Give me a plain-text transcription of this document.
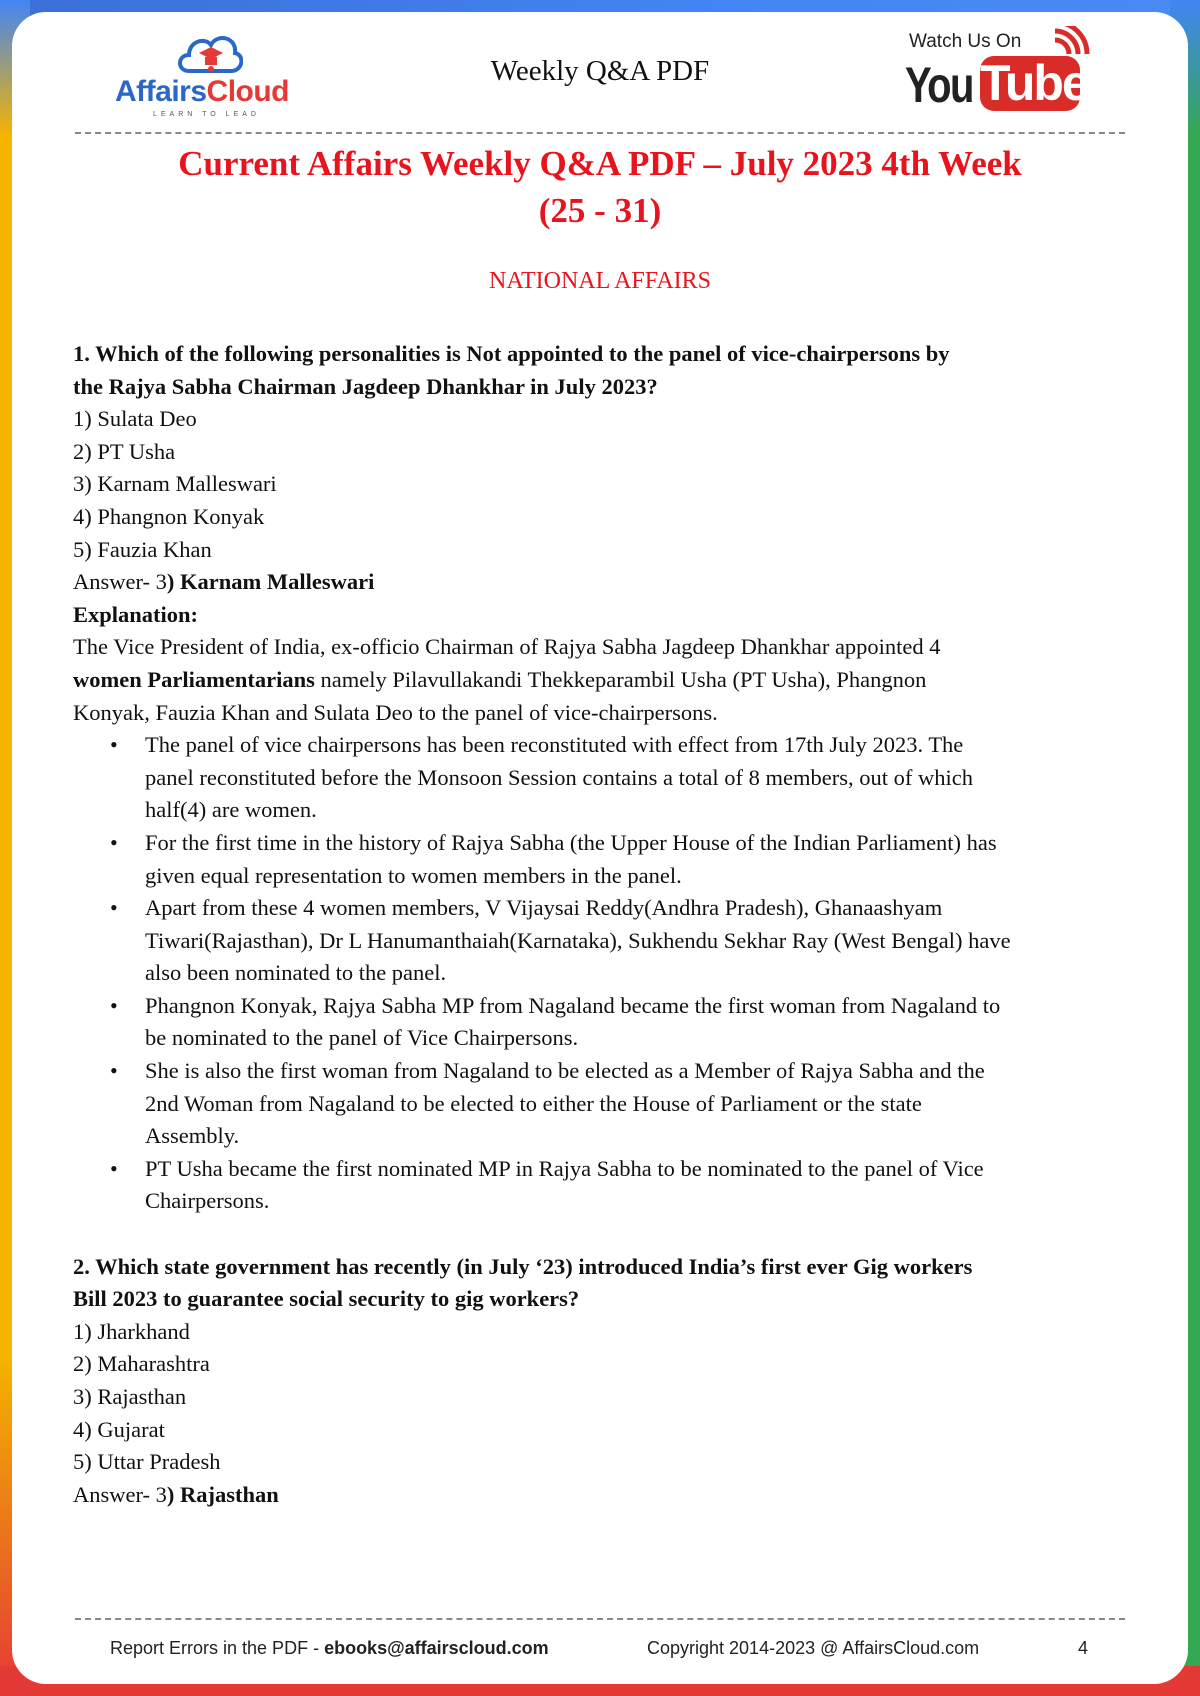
AffairsCloud
LEARN TO LEAD
Weekly Q&A PDF
Watch Us On
You Tube
Current Affairs Weekly Q&A PDF – July 2023 4th Week
(25 - 31)
NATIONAL AFFAIRS

1. Which of the following personalities is Not appointed to the panel of vice-chairpersons by

the Rajya Sabha Chairman Jagdeep Dhankhar in July 2023?

1) Sulata Deo

2) PT Usha

3) Karnam Malleswari

4) Phangnon Konyak

5) Fauzia Khan

Answer- 3) Karnam Malleswari

Explanation:

The Vice President of India, ex-officio Chairman of Rajya Sabha Jagdeep Dhankhar appointed 4

women Parliamentarians namely Pilavullakandi Thekkeparambil Usha (PT Usha), Phangnon

Konyak, Fauzia Khan and Sulata Deo to the panel of vice-chairpersons.

• The panel of vice chairpersons has been reconstituted with effect from 17th July 2023. The
panel reconstituted before the Monsoon Session contains a total of 8 members, out of which
half(4) are women.
• For the first time in the history of Rajya Sabha (the Upper House of the Indian Parliament) has
given equal representation to women members in the panel.
• Apart from these 4 women members, V Vijaysai Reddy(Andhra Pradesh), Ghanaashyam
Tiwari(Rajasthan), Dr L Hanumanthaiah(Karnataka), Sukhendu Sekhar Ray (West Bengal) have
also been nominated to the panel.
• Phangnon Konyak, Rajya Sabha MP from Nagaland became the first woman from Nagaland to
be nominated to the panel of Vice Chairpersons.
• She is also the first woman from Nagaland to be elected as a Member of Rajya Sabha and the
2nd Woman from Nagaland to be elected to either the House of Parliament or the state
Assembly.
• PT Usha became the first nominated MP in Rajya Sabha to be nominated to the panel of Vice
Chairpersons.

2. Which state government has recently (in July ‘23) introduced India’s first ever Gig workers

Bill 2023 to guarantee social security to gig workers?

1) Jharkhand

2) Maharashtra

3) Rajasthan

4) Gujarat

5) Uttar Pradesh

Answer- 3) Rajasthan

Report Errors in the PDF - ebooks@affairscloud.com	Copyright 2014-2023 @ AffairsCloud.com	4
